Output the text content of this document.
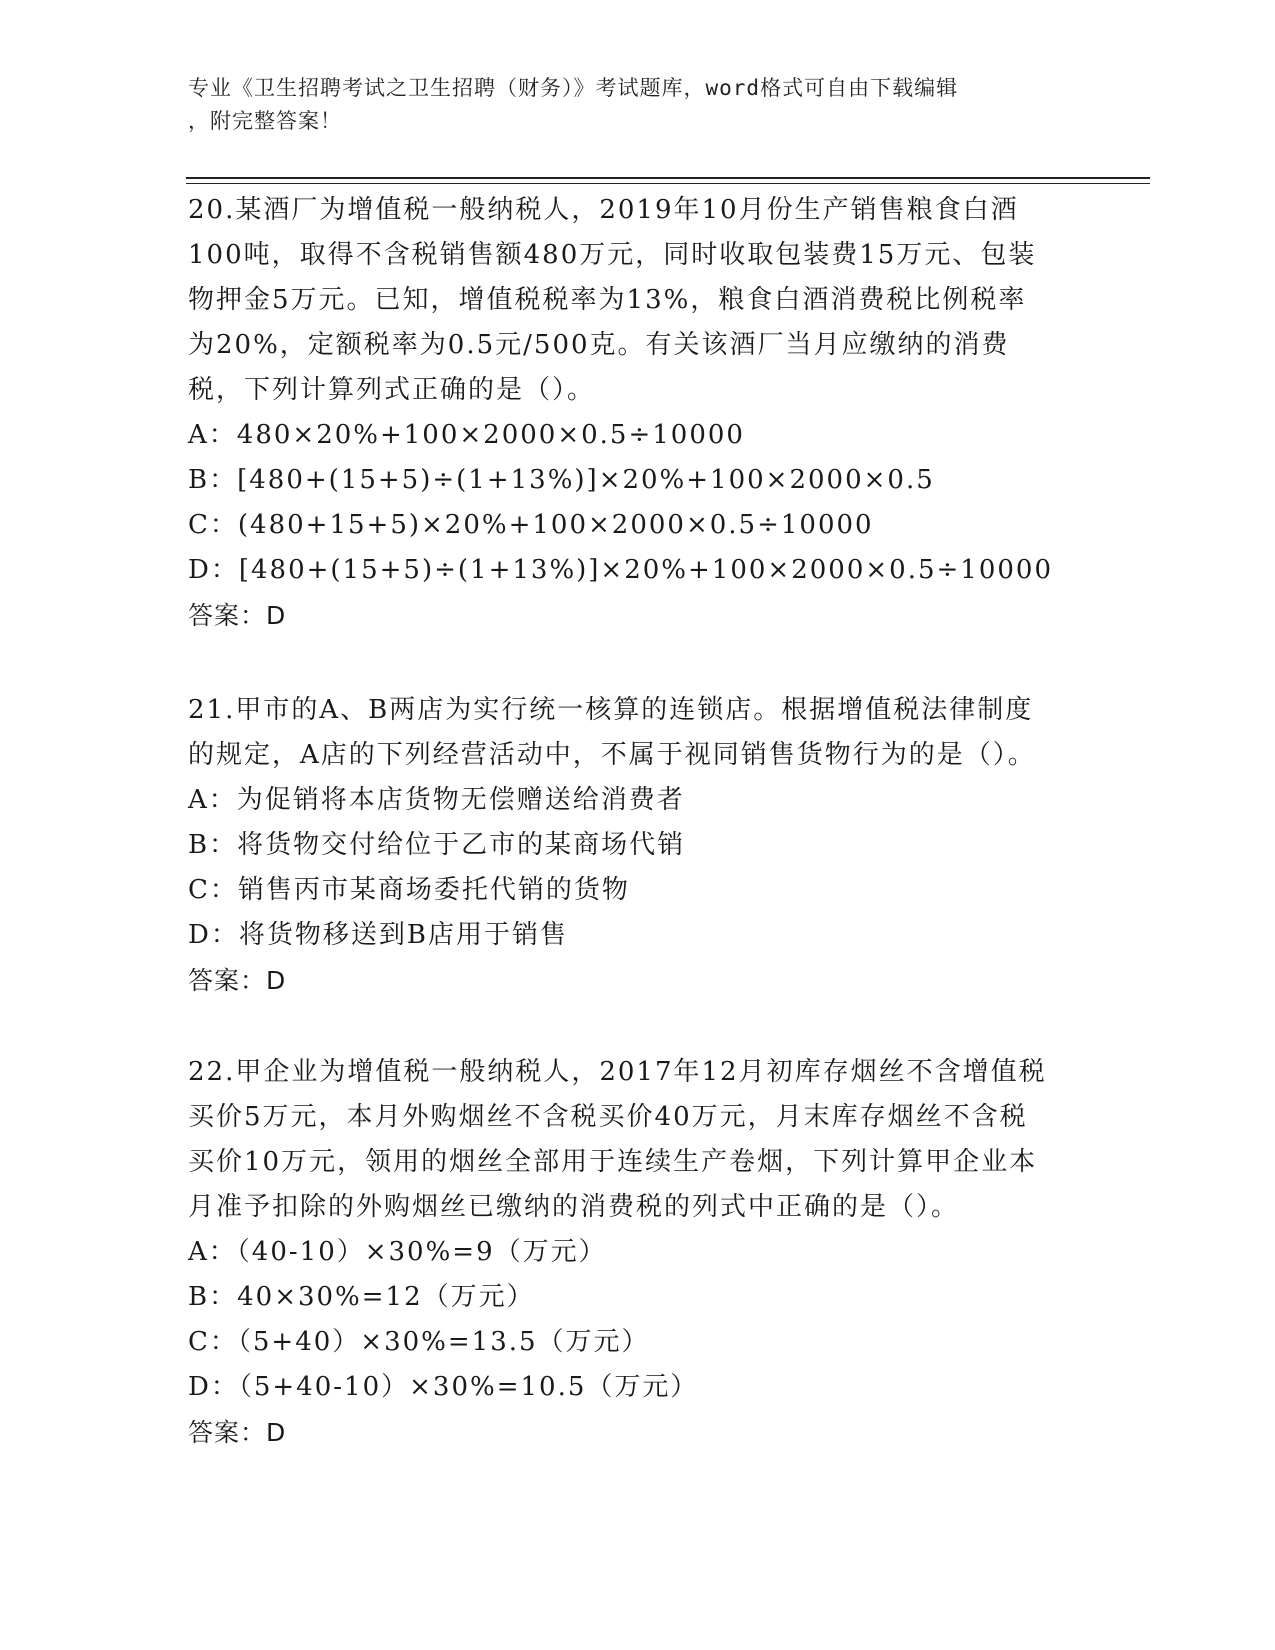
专业《卫生招聘考试之卫生招聘（财务）》考试题库，word格式可自由下载编辑
，附完整答案！
20.某酒厂为增值税一般纳税人，2019年10月份生产销售粮食白酒
100吨，取得不含税销售额480万元，同时收取包装费15万元、包装
物押金5万元。已知，增值税税率为13%，粮食白酒消费税比例税率
为20%，定额税率为0.5元/500克。有关该酒厂当月应缴纳的消费
税，下列计算列式正确的是（）。
A：480×20%+100×2000×0.5÷10000
B：[480+(15+5)÷(1+13%)]×20%+100×2000×0.5
C：(480+15+5)×20%+100×2000×0.5÷10000
D：[480+(15+5)÷(1+13%)]×20%+100×2000×0.5÷10000
答案：D
21.甲市的A、B两店为实行统一核算的连锁店。根据增值税法律制度
的规定，A店的下列经营活动中，不属于视同销售货物行为的是（）。
A：为促销将本店货物无偿赠送给消费者
B：将货物交付给位于乙市的某商场代销
C：销售丙市某商场委托代销的货物
D：将货物移送到B店用于销售
答案：D
22.甲企业为增值税一般纳税人，2017年12月初库存烟丝不含增值税
买价5万元，本月外购烟丝不含税买价40万元，月末库存烟丝不含税
买价10万元，领用的烟丝全部用于连续生产卷烟，下列计算甲企业本
月准予扣除的外购烟丝已缴纳的消费税的列式中正确的是（）。
A：（40-10）×30%=9（万元）
B：40×30%=12（万元）
C：（5+40）×30%=13.5（万元）
D：（5+40-10）×30%=10.5（万元）
答案：D
